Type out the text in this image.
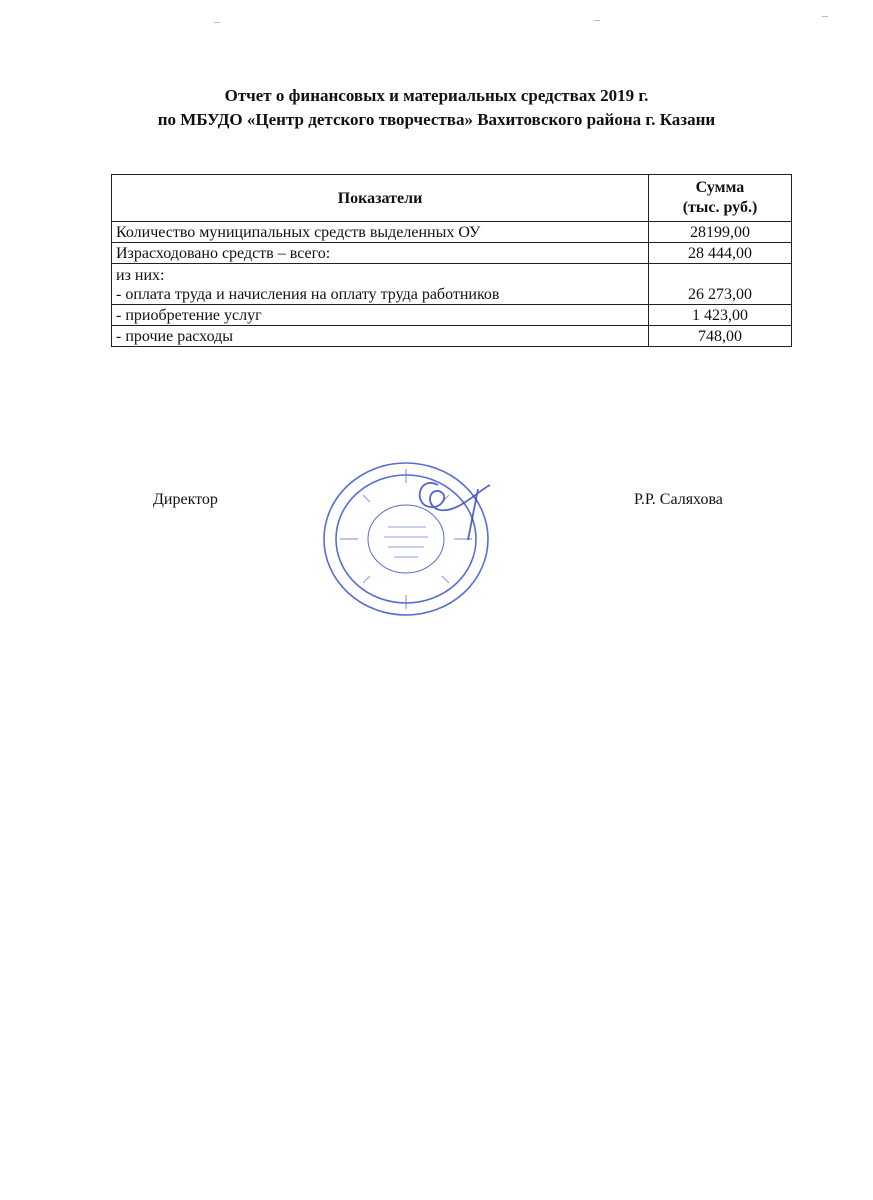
Отчет о финансовых и материальных средствах 2019 г.
по МБУДО «Центр детского творчества» Вахитовского района г. Казани
Показатели	Сумма
(тыс. руб.)
Количество муниципальных средств выделенных ОУ	28199,00
Израсходовано средств – всего:	28 444,00
из них:
- оплата труда и начисления на оплату труда работников	26 273,00
- приобретение услуг	1 423,00
- прочие расходы	748,00
Директор	Р.Р. Саляхова
